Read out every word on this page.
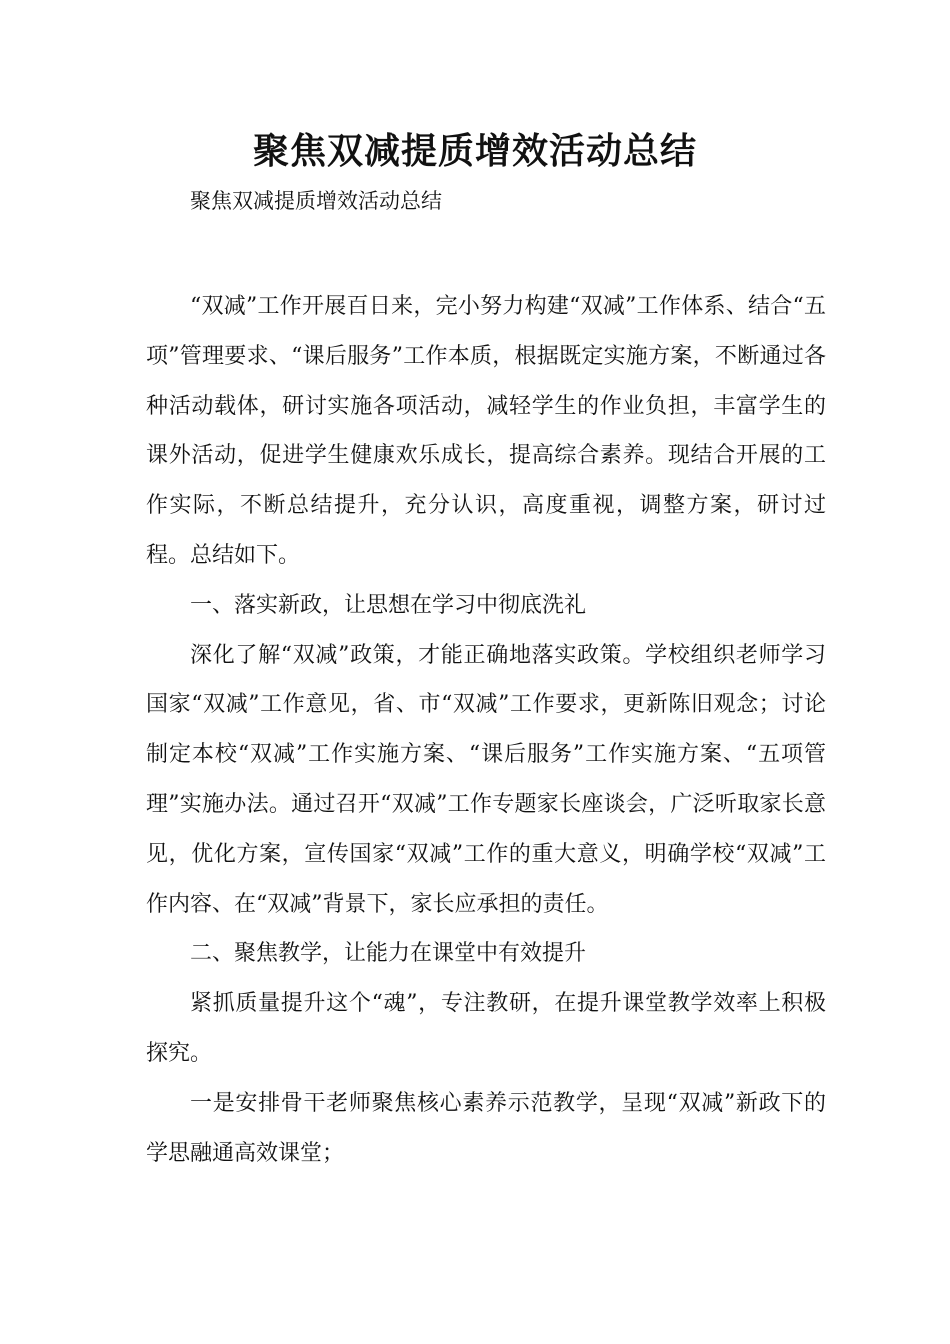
聚焦双减提质增效活动总结

聚焦双减提质增效活动总结

“双减”工作开展百日来，完小努力构建“双减”工作体系、结合“五项”管理要求、“课后服务”工作本质，根据既定实施方案，不断通过各种活动载体，研讨实施各项活动，减轻学生的作业负担，丰富学生的课外活动，促进学生健康欢乐成长，提高综合素养。现结合开展的工作实际，不断总结提升，充分认识，高度重视，调整方案，研讨过程。总结如下。

一、落实新政，让思想在学习中彻底洗礼

深化了解“双减”政策，才能正确地落实政策。学校组织老师学习国家“双减”工作意见，省、市“双减”工作要求，更新陈旧观念；讨论制定本校“双减”工作实施方案、“课后服务”工作实施方案、“五项管理”实施办法。通过召开“双减”工作专题家长座谈会，广泛听取家长意见，优化方案，宣传国家“双减”工作的重大意义，明确学校“双减”工作内容、在“双减”背景下，家长应承担的责任。

二、聚焦教学，让能力在课堂中有效提升

紧抓质量提升这个“魂”，专注教研，在提升课堂教学效率上积极探究。

一是安排骨干老师聚焦核心素养示范教学，呈现“双减”新政下的学思融通高效课堂；
